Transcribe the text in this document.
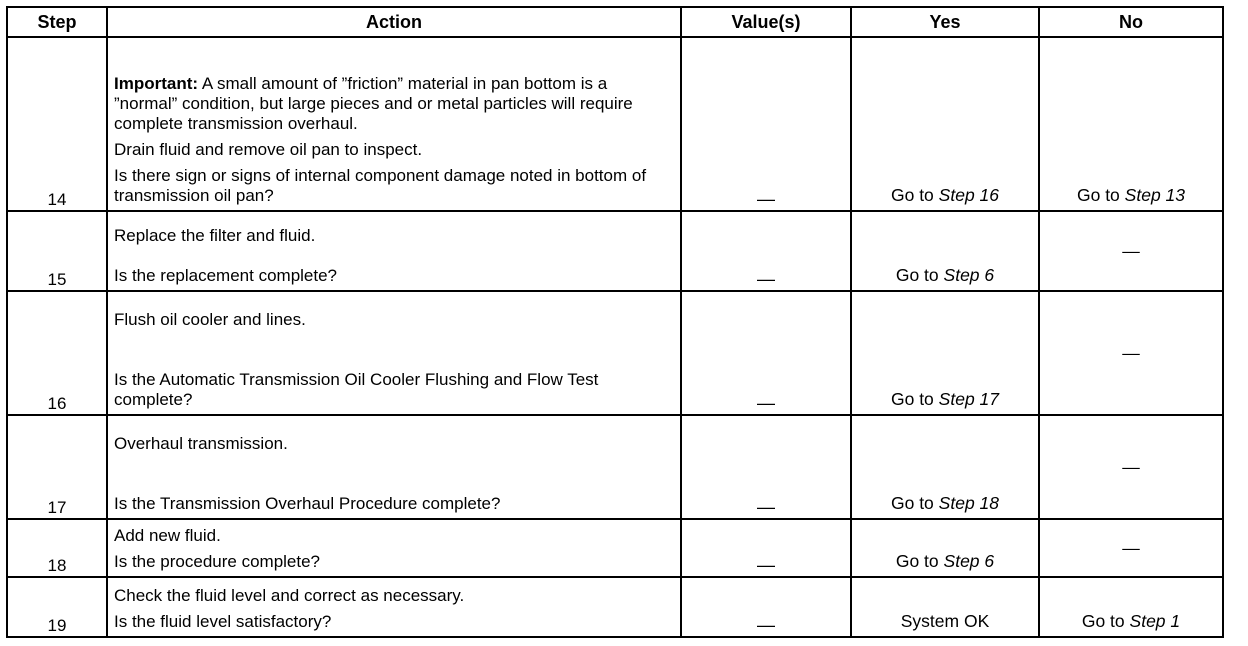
Step	Action	Value(s)	Yes	No
14	Important: A small amount of ”friction” material in pan bottom is a ”normal” condition, but large pieces and or metal particles will require complete transmission overhaul.
Drain fluid and remove oil pan to inspect.
Is there sign or signs of internal component damage noted in bottom of transmission oil pan?	—	Go to Step 16	Go to Step 13
15	Replace the filter and fluid.
Is the replacement complete?	—	Go to Step 6	—
16	Flush oil cooler and lines.
Is the Automatic Transmission Oil Cooler Flushing and Flow Test complete?	—	Go to Step 17	—
17	Overhaul transmission.
Is the Transmission Overhaul Procedure complete?	—	Go to Step 18	—
18	Add new fluid.
Is the procedure complete?	—	Go to Step 6	—
19	Check the fluid level and correct as necessary.
Is the fluid level satisfactory?	—	System OK	Go to Step 1
